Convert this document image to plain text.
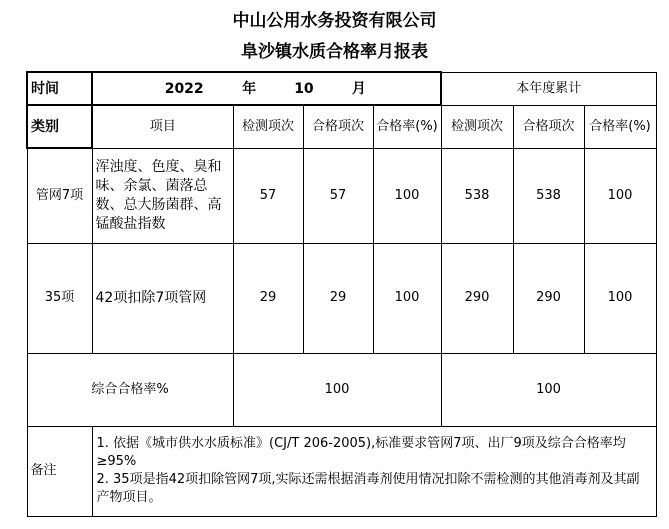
中山公用水务投资有限公司
阜沙镇水质合格率月报表
时间	2022 年 10 月				本年度累计		
类别	项目	检测项次	合格项次	合格率(%)	检测项次	合格项次	合格率(%)
管网7项	浑浊度、色度、臭和味、余氯、菌落总数、总大肠菌群、高锰酸盐指数	57	57	100	538	538	100
35项	42项扣除7项管网	29	29	100	290	290	100
综合合格率%		100			100		
备注	1. 依据《城市供水水质标准》(CJ/T 206-2005),标准要求管网7项、出厂9项及综合合格率均≥95%
2. 35项是指42项扣除管网7项,实际还需根据消毒剂使用情况扣除不需检测的其他消毒剂及其副产物项目。						
